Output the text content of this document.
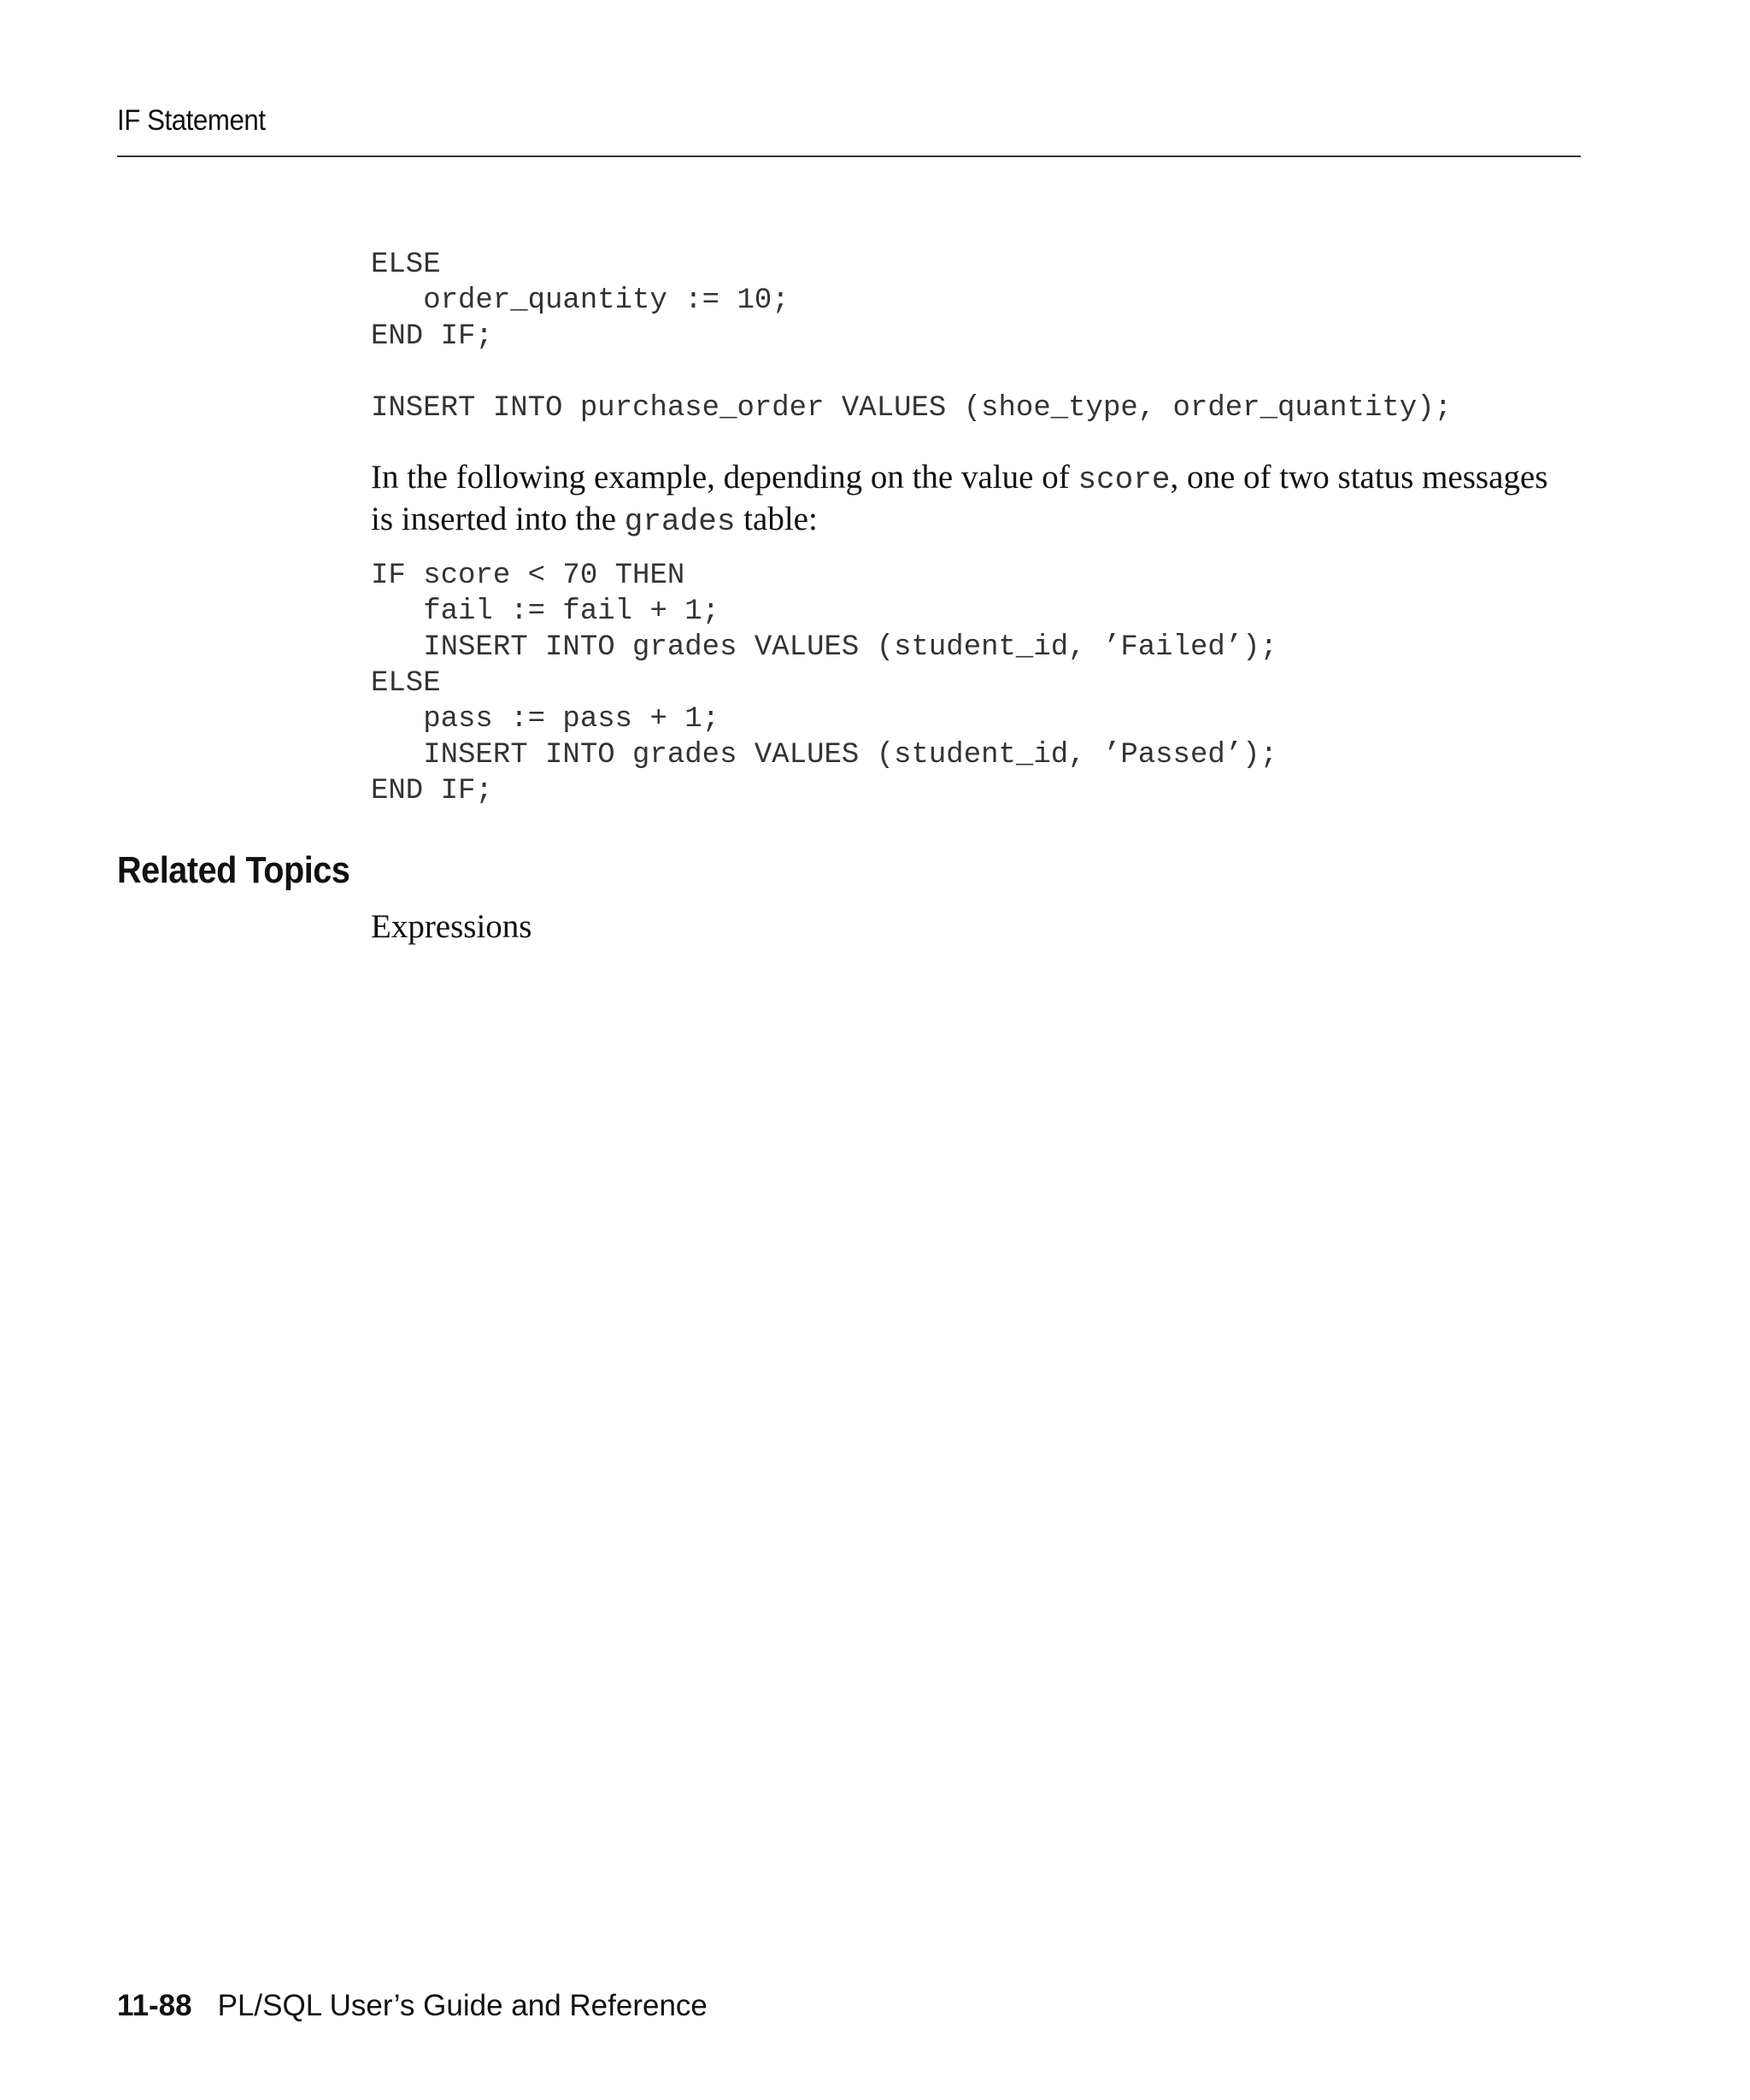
IF Statement
ELSE
order_quantity := 10;
END IF;

INSERT INTO purchase_order VALUES (shoe_type, order_quantity);

In the following example, depending on the value of score, one of two status messages is inserted into the grades table:

IF score < 70 THEN
fail := fail + 1;
INSERT INTO grades VALUES (student_id, ’Failed’);
ELSE
pass := pass + 1;
INSERT INTO grades VALUES (student_id, ’Passed’);
END IF;
Related Topics
Expressions
11-88 PL/SQL User’s Guide and Reference
